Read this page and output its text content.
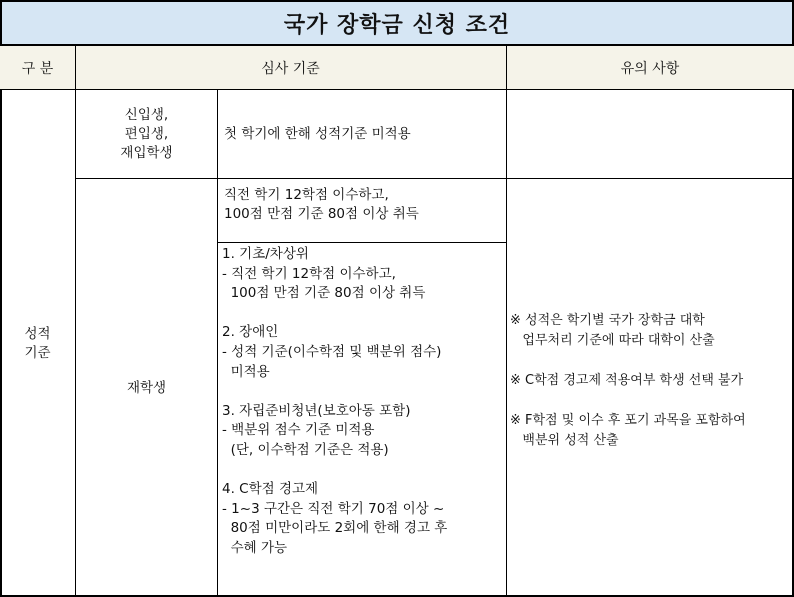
국가 장학금 신청 조건
구 분	심사 기준	유의 사항
성적
기준
신입생,
편입생,
재입학생
첫 학기에 한해 성적기준 미적용
재학생
직전 학기 12학점 이수하고,
100점 만점 기준 80점 이상 취득
1. 기초/차상위
- 직전 학기 12학점 이수하고,
100점 만점 기준 80점 이상 취득

2. 장애인
- 성적 기준(이수학점 및 백분위 점수)
미적용

3. 자립준비청년(보호아동 포함)
- 백분위 점수 기준 미적용
(단, 이수학점 기준은 적용)

4. C학점 경고제
- 1~3 구간은 직전 학기 70점 이상 ~
80점 미만이라도 2회에 한해 경고 후
수혜 가능
※ 성적은 학기별 국가 장학금 대학
업무처리 기준에 따라 대학이 산출

※ C학점 경고제 적용여부 학생 선택 불가

※ F학점 및 이수 후 포기 과목을 포함하여
백분위 성적 산출
